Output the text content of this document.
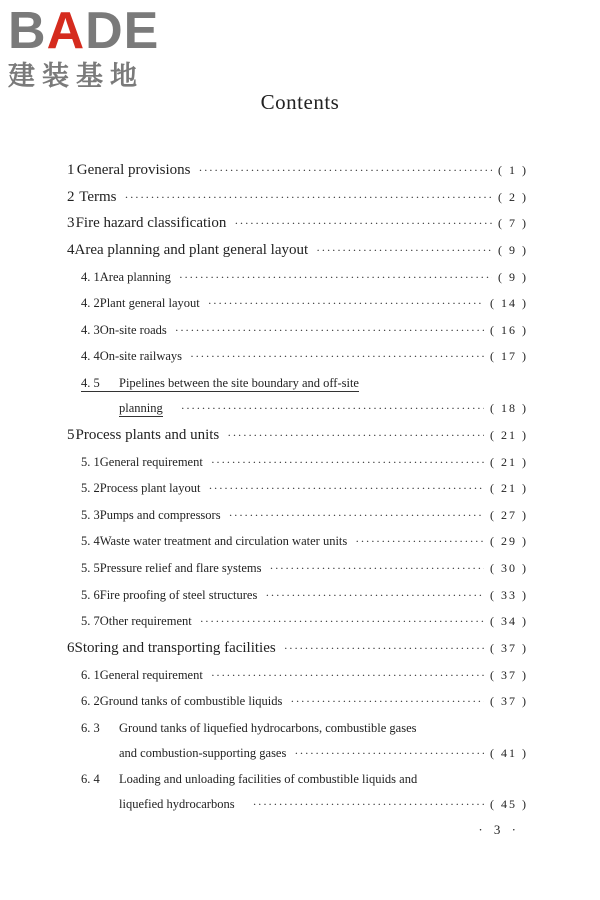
BADE
建装基地
Contents
1 General provisions ·····	( 1 )
2 Terms ·····	( 2 )
3 Fire hazard classification ·····	( 7 )
4 Area planning and plant general layout ·····	( 9 )
4. 1 Area planning ·····	( 9 )
4. 2 Plant general layout ·····	( 14 )
4. 3 On-site roads ·····	( 16 )
4. 4 On-site railways ·····	( 17 )
4. 5	Pipelines between the site boundary and off-site
planning ·····	( 18 )
5 Process plants and units ·····	( 21 )
5. 1 General requirement ·····	( 21 )
5. 2 Process plant layout ·····	( 21 )
5. 3 Pumps and compressors ·····	( 27 )
5. 4 Waste water treatment and circulation water units ·····	( 29 )
5. 5 Pressure relief and flare systems ·····	( 30 )
5. 6 Fire proofing of steel structures ·····	( 33 )
5. 7 Other requirement ·····	( 34 )
6 Storing and transporting facilities ·····	( 37 )
6. 1 General requirement ·····	( 37 )
6. 2 Ground tanks of combustible liquids ·····	( 37 )
6. 3	Ground tanks of liquefied hydrocarbons, combustible gases
and combustion-supporting gases ·····	( 41 )
6. 4	Loading and unloading facilities of combustible liquids and
liquefied hydrocarbons ·····	( 45 )
· 3 ·
